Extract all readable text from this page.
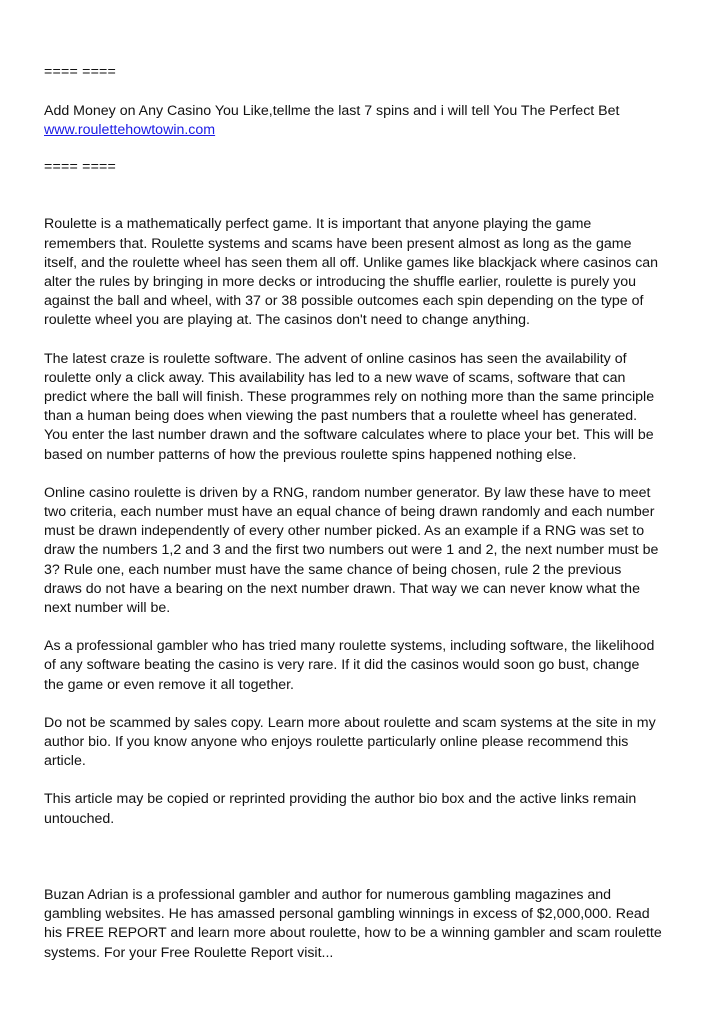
==== ====

Add Money on Any Casino You Like,tellme the last 7 spins and i will tell You The Perfect Bet

www.roulettehowtowin.com

==== ====

Roulette is a mathematically perfect game. It is important that anyone playing the game
remembers that. Roulette systems and scams have been present almost as long as the game
itself, and the roulette wheel has seen them all off. Unlike games like blackjack where casinos can
alter the rules by bringing in more decks or introducing the shuffle earlier, roulette is purely you
against the ball and wheel, with 37 or 38 possible outcomes each spin depending on the type of
roulette wheel you are playing at. The casinos don't need to change anything.

The latest craze is roulette software. The advent of online casinos has seen the availability of
roulette only a click away. This availability has led to a new wave of scams, software that can
predict where the ball will finish. These programmes rely on nothing more than the same principle
than a human being does when viewing the past numbers that a roulette wheel has generated.
You enter the last number drawn and the software calculates where to place your bet. This will be
based on number patterns of how the previous roulette spins happened nothing else.

Online casino roulette is driven by a RNG, random number generator. By law these have to meet
two criteria, each number must have an equal chance of being drawn randomly and each number
must be drawn independently of every other number picked. As an example if a RNG was set to
draw the numbers 1,2 and 3 and the first two numbers out were 1 and 2, the next number must be
3? Rule one, each number must have the same chance of being chosen, rule 2 the previous
draws do not have a bearing on the next number drawn. That way we can never know what the
next number will be.

As a professional gambler who has tried many roulette systems, including software, the likelihood
of any software beating the casino is very rare. If it did the casinos would soon go bust, change
the game or even remove it all together.

Do not be scammed by sales copy. Learn more about roulette and scam systems at the site in my
author bio. If you know anyone who enjoys roulette particularly online please recommend this
article.

This article may be copied or reprinted providing the author bio box and the active links remain
untouched.

Buzan Adrian is a professional gambler and author for numerous gambling magazines and
gambling websites. He has amassed personal gambling winnings in excess of $2,000,000. Read
his FREE REPORT and learn more about roulette, how to be a winning gambler and scam roulette
systems. For your Free Roulette Report visit...
